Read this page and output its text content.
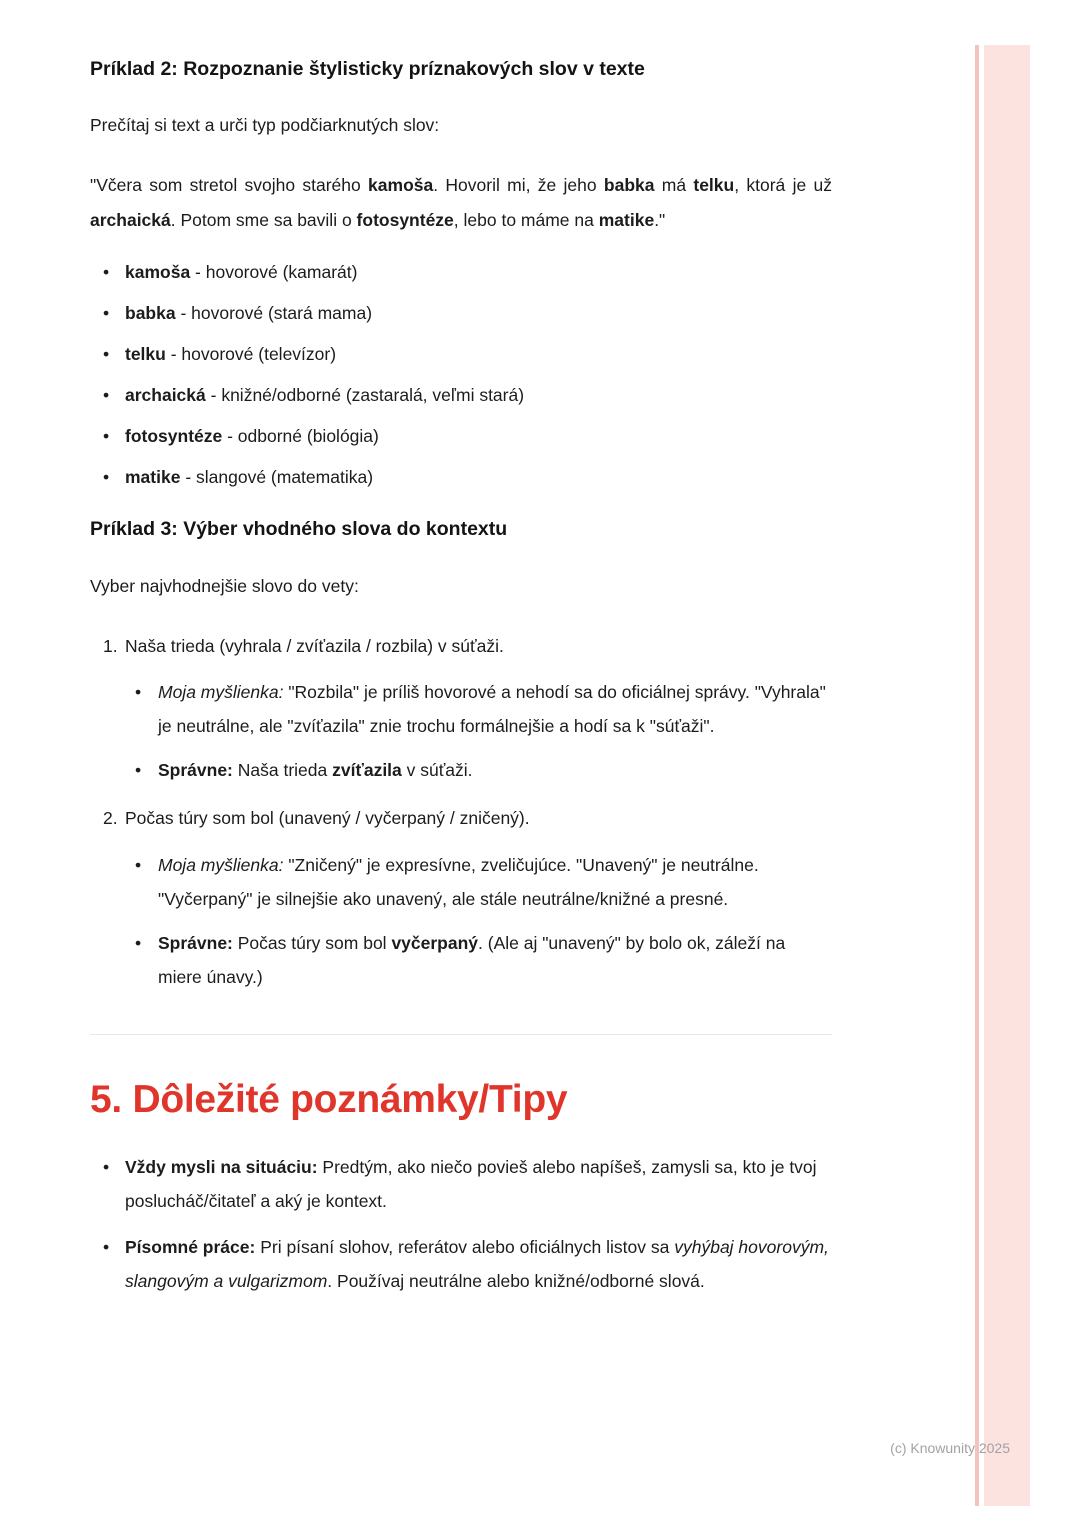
Príklad 2: Rozpoznanie štylisticky príznakových slov v texte

Prečítaj si text a urči typ podčiarknutých slov:

"Včera som stretol svojho starého kamoša. Hovoril mi, že jeho babka má telku, ktorá je už archaická. Potom sme sa bavili o fotosyntéze, lebo to máme na matike."

• kamoša - hovorové (kamarát)
• babka - hovorové (stará mama)
• telku - hovorové (televízor)
• archaická - knižné/odborné (zastaralá, veľmi stará)
• fotosyntéze - odborné (biológia)
• matike - slangové (matematika)
Príklad 3: Výber vhodného slova do kontextu

Vyber najvhodnejšie slovo do vety:

1. Naša trieda (vyhrala / zvíťazila / rozbila) v súťaži.

• Moja myšlienka: "Rozbila" je príliš hovorové a nehodí sa do oficiálnej správy. "Vyhrala" je neutrálne, ale "zvíťazila" znie trochu formálnejšie a hodí sa k "súťaži".
• Správne: Naša trieda zvíťazila v súťaži.
2. Počas túry som bol (unavený / vyčerpaný / zničený).

• Moja myšlienka: "Zničený" je expresívne, zveličujúce. "Unavený" je neutrálne. "Vyčerpaný" je silnejšie ako unavený, ale stále neutrálne/knižné a presné.
• Správne: Počas túry som bol vyčerpaný. (Ale aj "unavený" by bolo ok, záleží na miere únavy.)
5. Dôležité poznámky/Tipy
• Vždy mysli na situáciu: Predtým, ako niečo povieš alebo napíšeš, zamysli sa, kto je tvoj poslucháč/čitateľ a aký je kontext.
• Písomné práce: Pri písaní slohov, referátov alebo oficiálnych listov sa vyhýbaj hovorovým, slangovým a vulgarizmom. Používaj neutrálne alebo knižné/odborné slová.
(c) Knowunity 2025
